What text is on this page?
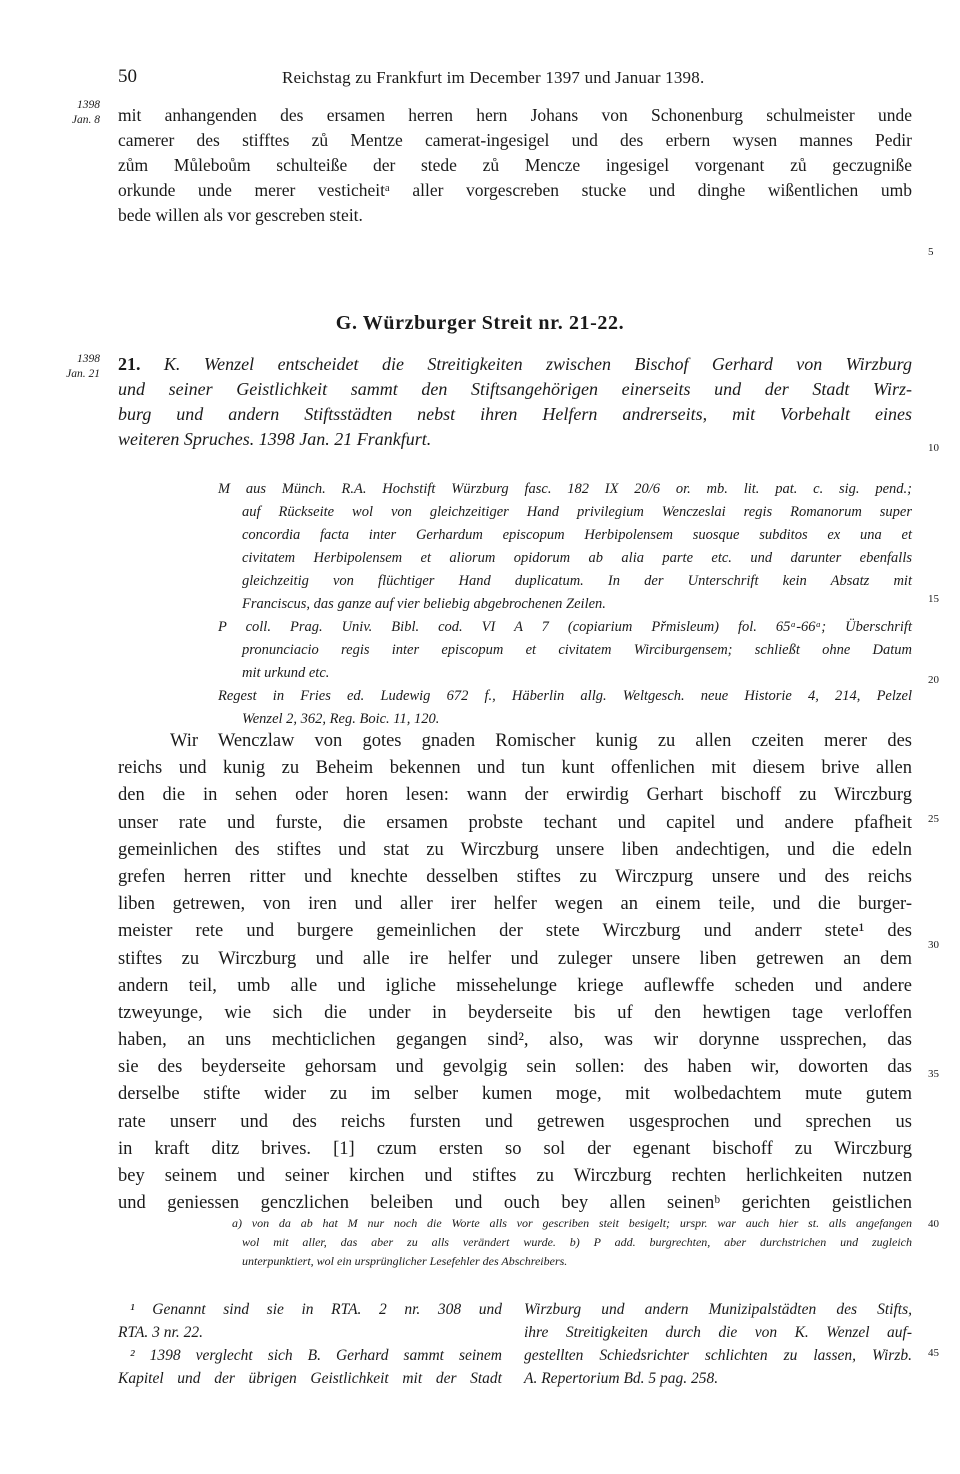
50	Reichstag zu Frankfurt im December 1397 und Januar 1398.
1398
Jan. 8
1398
Jan. 21
5
10
15
20
25
30
35
40
45
mit anhangenden des ersamen herren hern Johans von Schonenburg schulmeister unde
camerer des stifftes zů Mentze camerat-ingesigel und des erbern wysen mannes Pedir
zům Můleboům schulteiße der stede zů Mencze ingesigel vorgenant zů geczugniße
orkunde unde merer vesticheitᵃ aller vorgescreben stucke und dinghe wißentlichen umb
bede willen als vor gescreben steit.
G. Würzburger Streit nr. 21-22.
21. K. Wenzel entscheidet die Streitigkeiten zwischen Bischof Gerhard von Wirzburg
und seiner Geistlichkeit sammt den Stiftsangehörigen einerseits und der Stadt Wirz-
burg und andern Stiftsstädten nebst ihren Helfern andrerseits, mit Vorbehalt eines
weiteren Spruches. 1398 Jan. 21 Frankfurt.
M aus Münch. R.A. Hochstift Würzburg fasc. 182 IX 20/6 or. mb. lit. pat. c. sig. pend.;
auf Rückseite wol von gleichzeitiger Hand privilegium Wenczeslai regis Romanorum super
concordia facta inter Gerhardum episcopum Herbipolensem suosque subditos ex una et
civitatem Herbipolensem et aliorum opidorum ab alia parte etc. und darunter ebenfalls
gleichzeitig von flüchtiger Hand duplicatum. In der Unterschrift kein Absatz mit
Franciscus, das ganze auf vier beliebig abgebrochenen Zeilen.
P coll. Prag. Univ. Bibl. cod. VI A 7 (copiarium Přmisleum) fol. 65ᵃ-66ᵃ; Überschrift
pronunciacio regis inter episcopum et civitatem Wirciburgensem; schließt ohne Datum
mit urkund etc.
Regest in Fries ed. Ludewig 672 f., Häberlin allg. Weltgesch. neue Historie 4, 214, Pelzel
Wenzel 2, 362, Reg. Boic. 11, 120.
Wir Wenczlaw von gotes gnaden Romischer kunig zu allen czeiten merer des
reichs und kunig zu Beheim bekennen und tun kunt offenlichen mit diesem brive allen
den die in sehen oder horen lesen: wann der erwirdig Gerhart bischoff zu Wirczburg
unser rate und furste, die ersamen probste techant und capitel und andere pfafheit
gemeinlichen des stiftes und stat zu Wirczburg unsere liben andechtigen, und die edeln
grefen herren ritter und knechte desselben stiftes zu Wirczpurg unsere und des reichs
liben getrewen, von iren und aller irer helfer wegen an einem teile, und die burger-
meister rete und burgere gemeinlichen der stete Wirczburg und anderr stete¹ des
stiftes zu Wirczburg und alle ire helfer und zuleger unsere liben getrewen an dem
andern teil, umb alle und igliche missehelunge kriege auflewffe scheden und andere
tzweyunge, wie sich die under in beyderseite bis uf den hewtigen tage verloffen
haben, an uns mechticlichen gegangen sind², also, was wir dorynne ussprechen, das
sie des beyderseite gehorsam und gevolgig sein sollen: des haben wir, doworten das
derselbe stifte wider zu im selber kumen moge, mit wolbedachtem mute gutem
rate unserr und des reichs fursten und getrewen usgesprochen und sprechen us
in kraft ditz brives. [1] czum ersten so sol der egenant bischoff zu Wirczburg
bey seinem und seiner kirchen und stiftes zu Wirczburg rechten herlichkeiten nutzen
und geniessen genczlichen beleiben und ouch bey allen seinenᵇ gerichten geistlichen
a) von da ab hat M nur noch die Worte alls vor gescriben steit besigelt; urspr. war auch hier st. alls angefangen
wol mit aller, das aber zu alls verändert wurde. b) P add. burgrechten, aber durchstrichen und zugleich
unterpunktiert, wol ein ursprünglicher Lesefehler des Abschreibers.
¹ Genannt sind sie in RTA. 2 nr. 308 und
RTA. 3 nr. 22.
² 1398 verglecht sich B. Gerhard sammt seinem
Kapitel und der übrigen Geistlichkeit mit der Stadt
Wirzburg und andern Munizipalstädten des Stifts,
ihre Streitigkeiten durch die von K. Wenzel auf-
gestellten Schiedsrichter schlichten zu lassen, Wirzb.
A. Repertorium Bd. 5 pag. 258.
